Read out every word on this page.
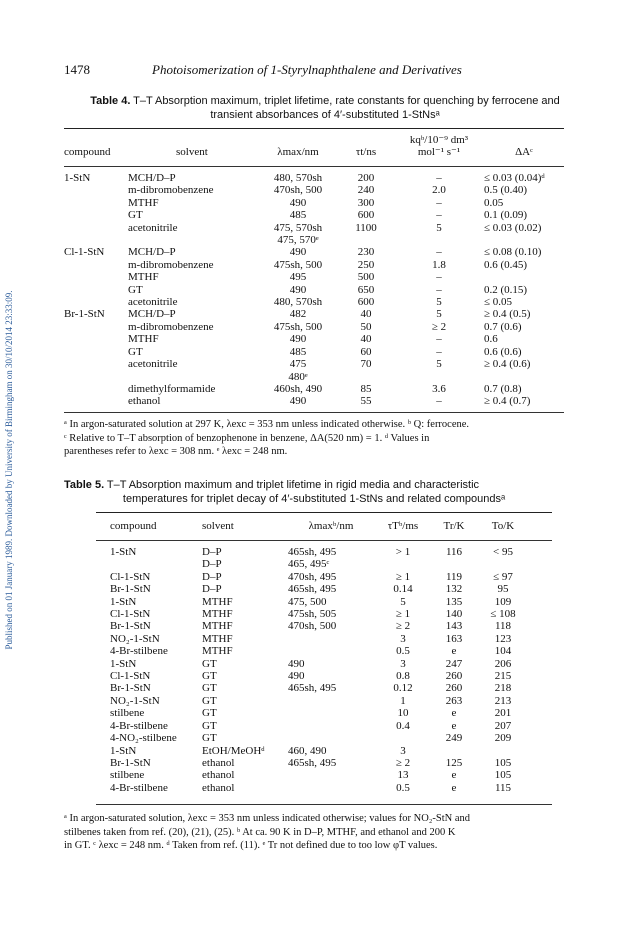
Published on 01 January 1989. Downloaded by University of Birmingham on 30/10/2014 23:33:09.
1478	Photoisomerization of 1-Styrylnaphthalene and Derivatives
Table 4. T–T Absorption maximum, triplet lifetime, rate constants for quenching by ferrocene and
transient absorbances of 4′-substituted 1-StNsᵃ
				kqᵇ/10⁻⁹ dm³	
compound	solvent	λmax/nm	τt/ns	mol⁻¹ s⁻¹	ΔAᶜ
1-StN	MCH/D–P	480, 570sh	200	–	≤ 0.03 (0.04)ᵈ
	m-dibromobenzene	470sh, 500	240	2.0	0.5 (0.40)
	MTHF	490	300	–	0.05
	GT	485	600	–	0.1 (0.09)
	acetonitrile	475, 570sh	1100	5	≤ 0.03 (0.02)
		475, 570ᵉ			
Cl-1-StN	MCH/D–P	490	230	–	≤ 0.08 (0.10)
	m-dibromobenzene	475sh, 500	250	1.8	0.6 (0.45)
	MTHF	495	500	–	
	GT	490	650	–	0.2 (0.15)
	acetonitrile	480, 570sh	600	5	≤ 0.05
Br-1-StN	MCH/D–P	482	40	5	≥ 0.4 (0.5)
	m-dibromobenzene	475sh, 500	50	≥ 2	0.7 (0.6)
	MTHF	490	40	–	0.6
	GT	485	60	–	0.6 (0.6)
	acetonitrile	475	70	5	≥ 0.4 (0.6)
		480ᵉ			
	dimethylformamide	460sh, 490	85	3.6	0.7 (0.8)
	ethanol	490	55	–	≥ 0.4 (0.7)
ᵃ In argon-saturated solution at 297 K, λexc = 353 nm unless indicated otherwise. ᵇ Q: ferrocene.
ᶜ Relative to T–T absorption of benzophenone in benzene, ΔA(520 nm) = 1. ᵈ Values in
parentheses refer to λexc = 308 nm. ᵉ λexc = 248 nm.
Table 5. T–T Absorption maximum and triplet lifetime in rigid media and characteristic
temperatures for triplet decay of 4′-substituted 1-StNs and related compoundsᵃ
compound	solvent	λmaxᵇ/nm	τTᵇ/ms	Tr/K	To/K
1-StN	D–P	465sh, 495	> 1	116	< 95
	D–P	465, 495ᶜ			
Cl-1-StN	D–P	470sh, 495	≥ 1	119	≤ 97
Br-1-StN	D–P	465sh, 495	0.14	132	95
1-StN	MTHF	475, 500	5	135	109
Cl-1-StN	MTHF	475sh, 505	≥ 1	140	≤ 108
Br-1-StN	MTHF	470sh, 500	≥ 2	143	118
NO₂-1-StN	MTHF		3	163	123
4-Br-stilbene	MTHF		0.5	e	104
1-StN	GT	490	3	247	206
Cl-1-StN	GT	490	0.8	260	215
Br-1-StN	GT	465sh, 495	0.12	260	218
NO₂-1-StN	GT		1	263	213
stilbene	GT		10	e	201
4-Br-stilbene	GT		0.4	e	207
4-NO₂-stilbene	GT			249	209
1-StN	EtOH/MeOHᵈ	460, 490	3		
Br-1-StN	ethanol	465sh, 495	≥ 2	125	105
stilbene	ethanol		13	e	105
4-Br-stilbene	ethanol		0.5	e	115
ᵃ In argon-saturated solution, λexc = 353 nm unless indicated otherwise; values for NO₂-StN and
stilbenes taken from ref. (20), (21), (25). ᵇ At ca. 90 K in D–P, MTHF, and ethanol and 200 K
in GT. ᶜ λexc = 248 nm. ᵈ Taken from ref. (11). ᵉ Tr not defined due to too low φT values.
